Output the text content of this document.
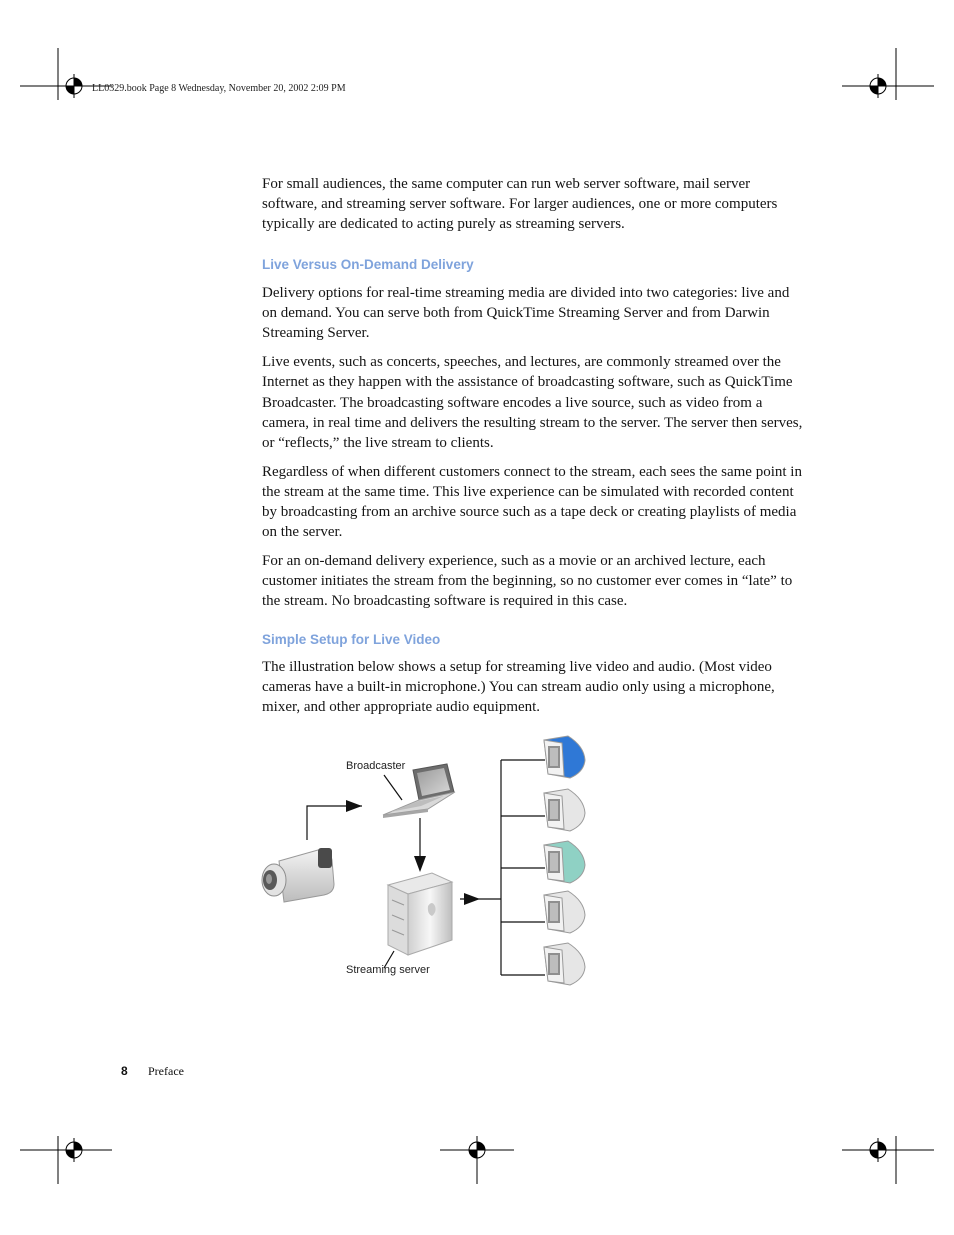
LL0329.book Page 8 Wednesday, November 20, 2002 2:09 PM

For small audiences, the same computer can run web server software, mail server software, and streaming server software. For larger audiences, one or more computers typically are dedicated to acting purely as streaming servers.

Live Versus On-Demand Delivery

Delivery options for real-time streaming media are divided into two categories: live and on demand. You can serve both from QuickTime Streaming Server and from Darwin Streaming Server.

Live events, such as concerts, speeches, and lectures, are commonly streamed over the Internet as they happen with the assistance of broadcasting software, such as QuickTime Broadcaster. The broadcasting software encodes a live source, such as video from a camera, in real time and delivers the resulting stream to the server. The server then serves, or “reflects,” the live stream to clients.

Regardless of when different customers connect to the stream, each sees the same point in the stream at the same time. This live experience can be simulated with recorded content by broadcasting from an archive source such as a tape deck or creating playlists of media on the server.

For an on-demand delivery experience, such as a movie or an archived lecture, each customer initiates the stream from the beginning, so no customer ever comes in “late” to the stream. No broadcasting software is required in this case.

Simple Setup for Live Video

The illustration below shows a setup for streaming live video and audio. (Most video cameras have a built-in microphone.) You can stream audio only using a microphone, mixer, and other appropriate audio equipment.

Broadcaster
Streaming server
8 Preface
